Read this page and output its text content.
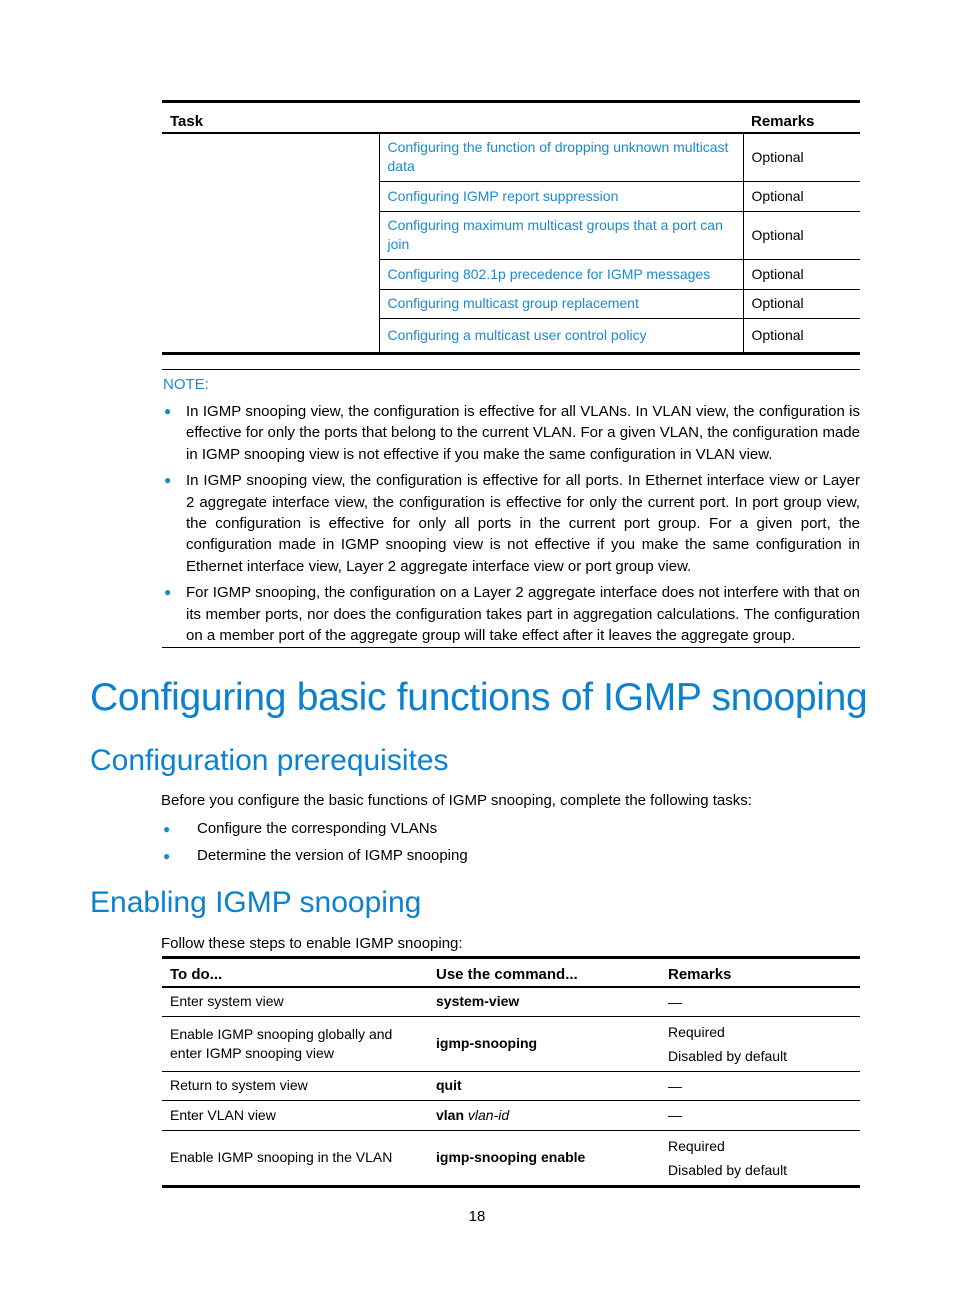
Task		Remarks
	Configuring the function of dropping unknown multicast data	Optional
	Configuring IGMP report suppression	Optional
	Configuring maximum multicast groups that a port can join	Optional
	Configuring 802.1p precedence for IGMP messages	Optional
	Configuring multicast group replacement	Optional
	Configuring a multicast user control policy	Optional
NOTE:
● In IGMP snooping view, the configuration is effective for all VLANs. In VLAN view, the configuration is effective for only the ports that belong to the current VLAN. For a given VLAN, the configuration made in IGMP snooping view is not effective if you make the same configuration in VLAN view.
● In IGMP snooping view, the configuration is effective for all ports. In Ethernet interface view or Layer 2 aggregate interface view, the configuration is effective for only the current port. In port group view, the configuration is effective for only all ports in the current port group. For a given port, the configuration made in IGMP snooping view is not effective if you make the same configuration in Ethernet interface view, Layer 2 aggregate interface view or port group view.
● For IGMP snooping, the configuration on a Layer 2 aggregate interface does not interfere with that on its member ports, nor does the configuration takes part in aggregation calculations. The configuration on a member port of the aggregate group will take effect after it leaves the aggregate group.
Configuring basic functions of IGMP snooping
Configuration prerequisites

Before you configure the basic functions of IGMP snooping, complete the following tasks:

● Configure the corresponding VLANs
● Determine the version of IGMP snooping
Enabling IGMP snooping

Follow these steps to enable IGMP snooping:

To do...	Use the command...	Remarks
Enter system view	system-view	—

Enable IGMP snooping globally and enter IGMP snooping view	igmp-snooping	Required
Disabled by default

Return to system view	quit	—

Enter VLAN view	vlan vlan-id	—

Enable IGMP snooping in the VLAN	igmp-snooping enable	Required
Disabled by default
18
